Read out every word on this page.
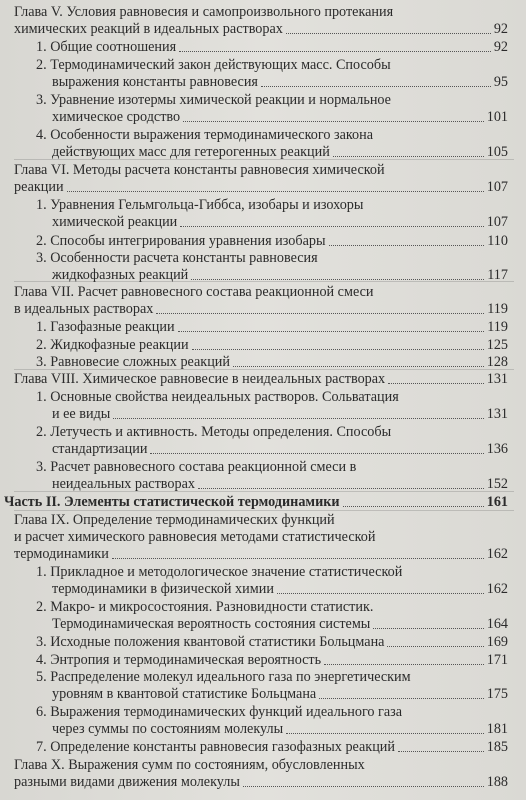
Глава V. Условия равновесия и самопроизвольного протекания
химических реакций в идеальных растворах	92
1. Общие соотношения	92
2. Термодинамический закон действующих масс. Способы
выражения константы равновесия	95
3. Уравнение изотермы химической реакции и нормальное
химическое сродство	101
4. Особенности выражения термодинамического закона
действующих масс для гетерогенных реакций	105
Глава VI. Методы расчета константы равновесия химической
реакции	107
1. Уравнения Гельмгольца-Гиббса, изобары и изохоры
химической реакции	107
2. Способы интегрирования уравнения изобары	110
3. Особенности расчета константы равновесия
жидкофазных реакций	117
Глава VII. Расчет равновесного состава реакционной смеси
в идеальных растворах	119
1. Газофазные реакции	119
2. Жидкофазные реакции	125
3. Равновесие сложных реакций	128
Глава VIII. Химическое равновесие в неидеальных растворах	131
1. Основные свойства неидеальных растворов. Сольватация
и ее виды	131
2. Летучесть и активность. Методы определения. Способы
стандартизации	136
3. Расчет равновесного состава реакционной смеси в
неидеальных растворах	152
Часть II. Элементы статистической термодинамики	161
Глава IX. Определение термодинамических функций
и расчет химического равновесия методами статистической
термодинамики	162
1. Прикладное и методологическое значение статистической
термодинамики в физической химии	162
2. Макро- и микросостояния. Разновидности статистик.
Термодинамическая вероятность состояния системы	164
3. Исходные положения квантовой статистики Больцмана	169
4. Энтропия и термодинамическая вероятность	171
5. Распределение молекул идеального газа по энергетическим
уровням в квантовой статистике Больцмана	175
6. Выражения термодинамических функций идеального газа
через суммы по состояниям молекулы	181
7. Определение константы равновесия газофазных реакций	185
Глава X. Выражения сумм по состояниям, обусловленных
разными видами движения молекулы	188
